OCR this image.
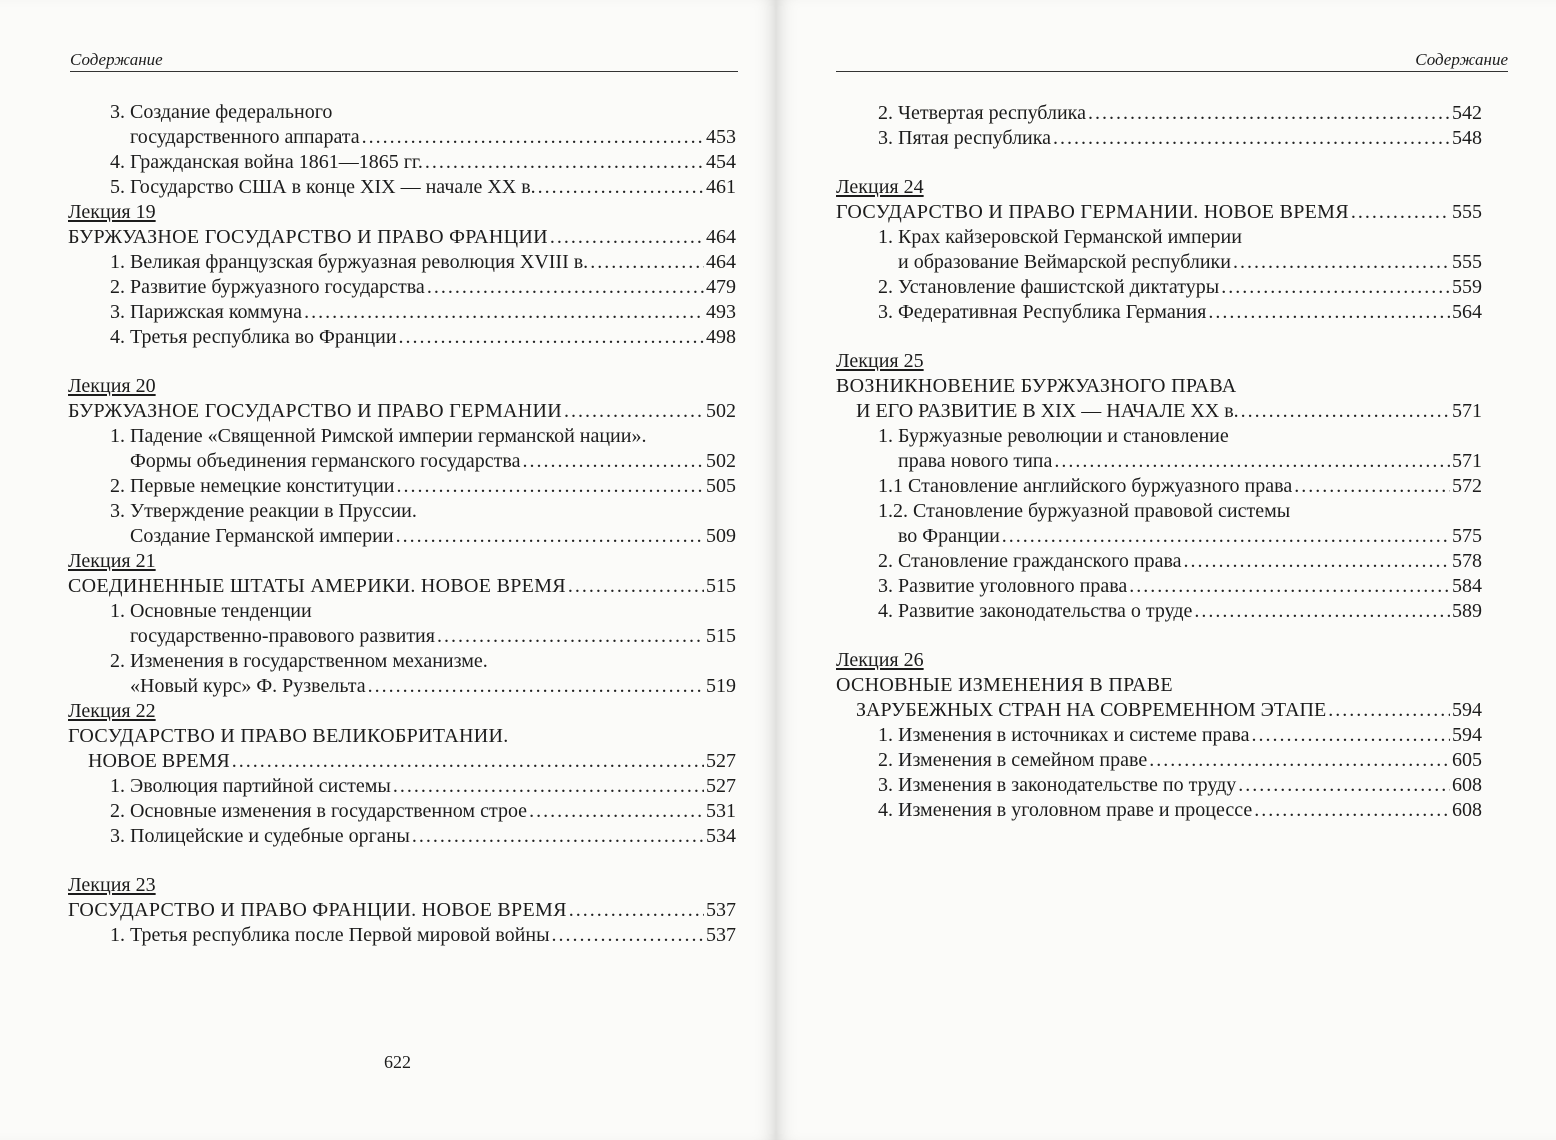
Содержание
3. Создание федерального
государственного аппарата .....	453
4. Гражданская война 1861—1865 гг. .....	454
5. Государство США в конце XIX — начале XX в. .....	461
Лекция 19
БУРЖУАЗНОЕ ГОСУДАРСТВО И ПРАВО ФРАНЦИИ .....	464
1. Великая французская буржуазная революция XVIII в. .....	464
2. Развитие буржуазного государства .....	479
3. Парижская коммуна .....	493
4. Третья республика во Франции .....	498
Лекция 20
БУРЖУАЗНОЕ ГОСУДАРСТВО И ПРАВО ГЕРМАНИИ .....	502
1. Падение «Священной Римской империи германской нации».
Формы объединения германского государства .....	502
2. Первые немецкие конституции .....	505
3. Утверждение реакции в Пруссии.
Создание Германской империи .....	509
Лекция 21
СОЕДИНЕННЫЕ ШТАТЫ АМЕРИКИ. НОВОЕ ВРЕМЯ .....	515
1. Основные тенденции
государственно-правового развития .....	515
2. Изменения в государственном механизме.
«Новый курс» Ф. Рузвельта .....	519
Лекция 22
ГОСУДАРСТВО И ПРАВО ВЕЛИКОБРИТАНИИ.
НОВОЕ ВРЕМЯ .....	527
1. Эволюция партийной системы .....	527
2. Основные изменения в государственном строе .....	531
3. Полицейские и судебные органы .....	534
Лекция 23
ГОСУДАРСТВО И ПРАВО ФРАНЦИИ. НОВОЕ ВРЕМЯ .....	537
1. Третья республика после Первой мировой войны .....	537
622
Содержание
2. Четвертая республика .....	542
3. Пятая республика .....	548
Лекция 24
ГОСУДАРСТВО И ПРАВО ГЕРМАНИИ. НОВОЕ ВРЕМЯ .....	555
1. Крах кайзеровской Германской империи
и образование Веймарской республики .....	555
2. Установление фашистской диктатуры .....	559
3. Федеративная Республика Германия .....	564
Лекция 25
ВОЗНИКНОВЕНИЕ БУРЖУАЗНОГО ПРАВА
И ЕГО РАЗВИТИЕ В XIX — НАЧАЛЕ XX в. .....	571
1. Буржуазные революции и становление
права нового типа .....	571
1.1 Становление английского буржуазного права .....	572
1.2. Становление буржуазной правовой системы
во Франции .....	575
2. Становление гражданского права .....	578
3. Развитие уголовного права .....	584
4. Развитие законодательства о труде .....	589
Лекция 26
ОСНОВНЫЕ ИЗМЕНЕНИЯ В ПРАВЕ
ЗАРУБЕЖНЫХ СТРАН НА СОВРЕМЕННОМ ЭТАПЕ .....	594
1. Изменения в источниках и системе права .....	594
2. Изменения в семейном праве .....	605
3. Изменения в законодательстве по труду .....	608
4. Изменения в уголовном праве и процессе .....	608
